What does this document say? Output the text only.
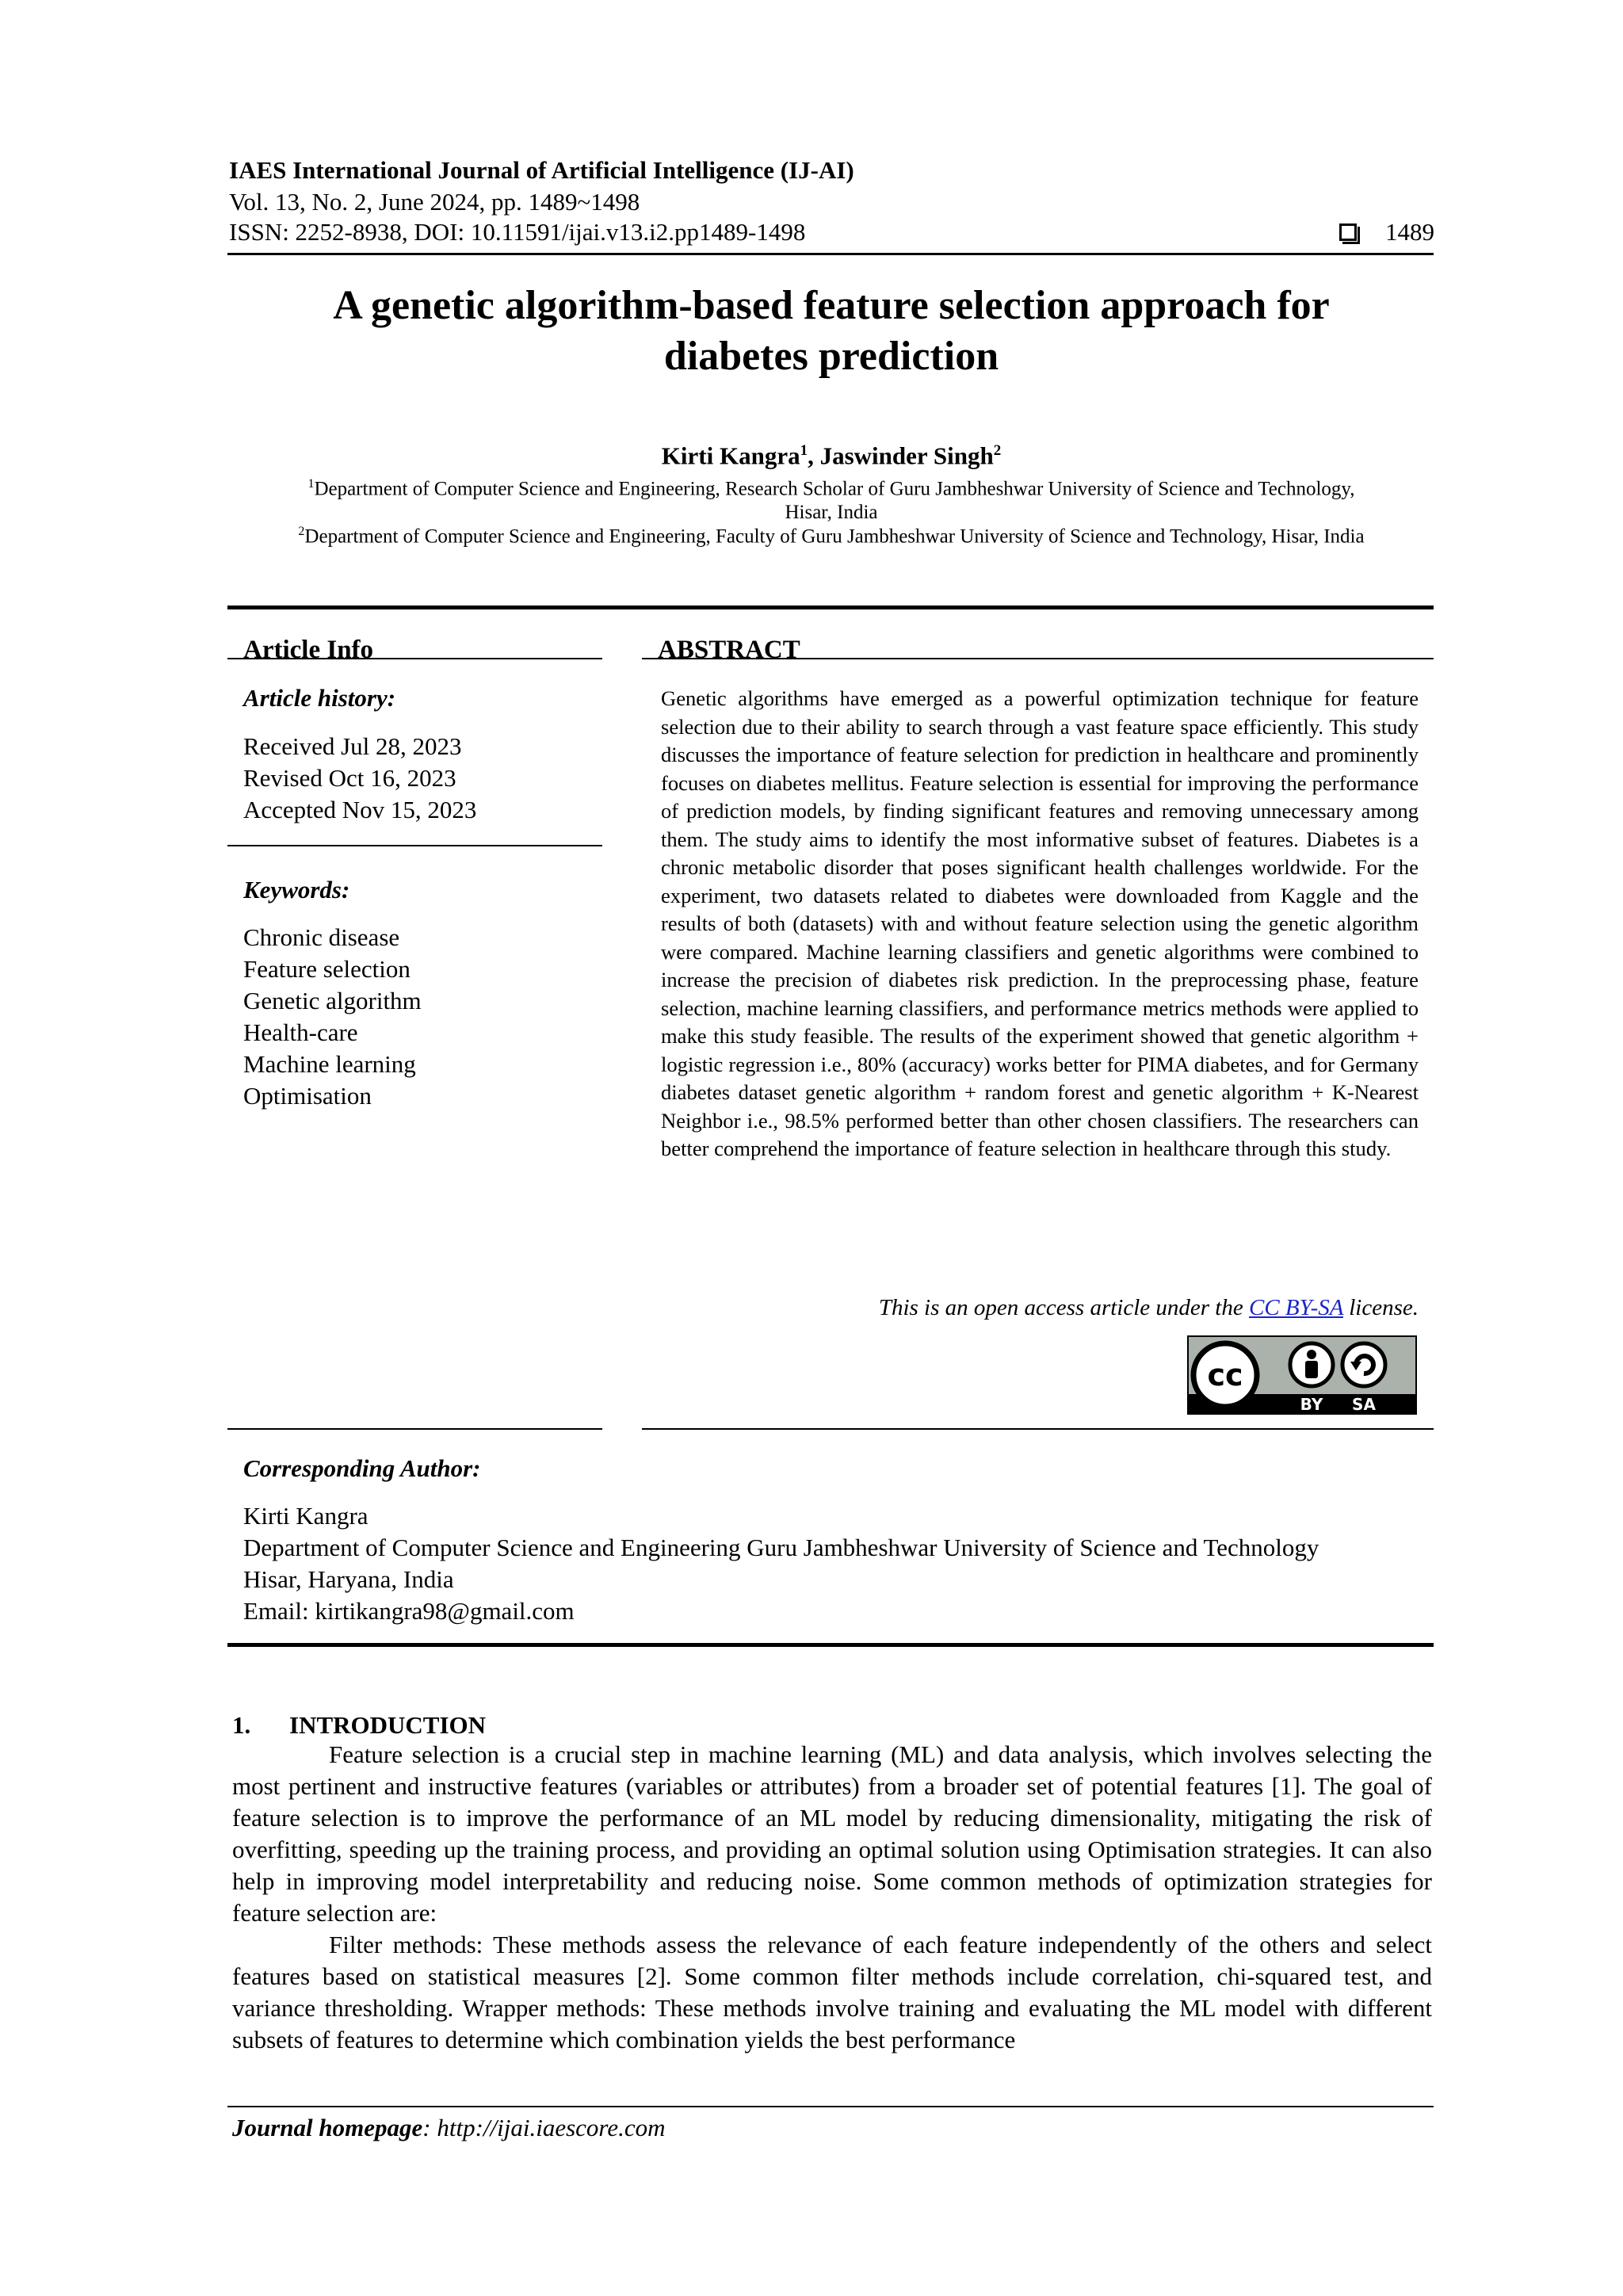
IAES International Journal of Artificial Intelligence (IJ-AI)
Vol. 13, No. 2, June 2024, pp. 1489~1498
ISSN: 2252-8938, DOI: 10.11591/ijai.v13.i2.pp1489-1498	1489
A genetic algorithm-based feature selection approach for
diabetes prediction
Kirti Kangra$^1$, Jaswinder Singh$^2$
$^1$Department of Computer Science and Engineering, Research Scholar of Guru Jambheshwar University of Science and Technology,
Hisar, India
$^2$Department of Computer Science and Engineering, Faculty of Guru Jambheshwar University of Science and Technology, Hisar, India
Article Info	ABSTRACT
Article history:
Received Jul 28, 2023
Revised Oct 16, 2023
Accepted Nov 15, 2023
Keywords:
Chronic disease
Feature selection
Genetic algorithm
Health-care
Machine learning
Optimisation
Genetic algorithms have emerged as a powerful optimization technique for feature selection due to their ability to search through a vast feature space efficiently. This study discusses the importance of feature selection for prediction in healthcare and prominently focuses on diabetes mellitus. Feature selection is essential for improving the performance of prediction models, by finding significant features and removing unnecessary among them. The study aims to identify the most informative subset of features. Diabetes is a chronic metabolic disorder that poses significant health challenges worldwide. For the experiment, two datasets related to diabetes were downloaded from Kaggle and the results of both (datasets) with and without feature selection using the genetic algorithm were compared. Machine learning classifiers and genetic algorithms were combined to increase the precision of diabetes risk prediction. In the preprocessing phase, feature selection, machine learning classifiers, and performance metrics methods were applied to make this study feasible. The results of the experiment showed that genetic algorithm + logistic regression i.e., 80% (accuracy) works better for PIMA diabetes, and for Germany diabetes dataset genetic algorithm + random forest and genetic algorithm + K-Nearest Neighbor i.e., 98.5% performed better than other chosen classifiers. The researchers can better comprehend the importance of feature selection in healthcare through this study.
This is an open access article under the CC BY-SA license.
cc
BY SA
Corresponding Author:
Kirti Kangra
Department of Computer Science and Engineering Guru Jambheshwar University of Science and Technology
Hisar, Haryana, India
Email: kirtikangra98@gmail.com
1. INTRODUCTION

Feature selection is a crucial step in machine learning (ML) and data analysis, which involves selecting the most pertinent and instructive features (variables or attributes) from a broader set of potential features [1]. The goal of feature selection is to improve the performance of an ML model by reducing dimensionality, mitigating the risk of overfitting, speeding up the training process, and providing an optimal solution using Optimisation strategies. It can also help in improving model interpretability and reducing noise. Some common methods of optimization strategies for feature selection are:

Filter methods: These methods assess the relevance of each feature independently of the others and select features based on statistical measures [2]. Some common filter methods include correlation, chi-squared test, and variance thresholding. Wrapper methods: These methods involve training and evaluating the ML model with different subsets of features to determine which combination yields the best performance

Journal homepage: http://ijai.iaescore.com
